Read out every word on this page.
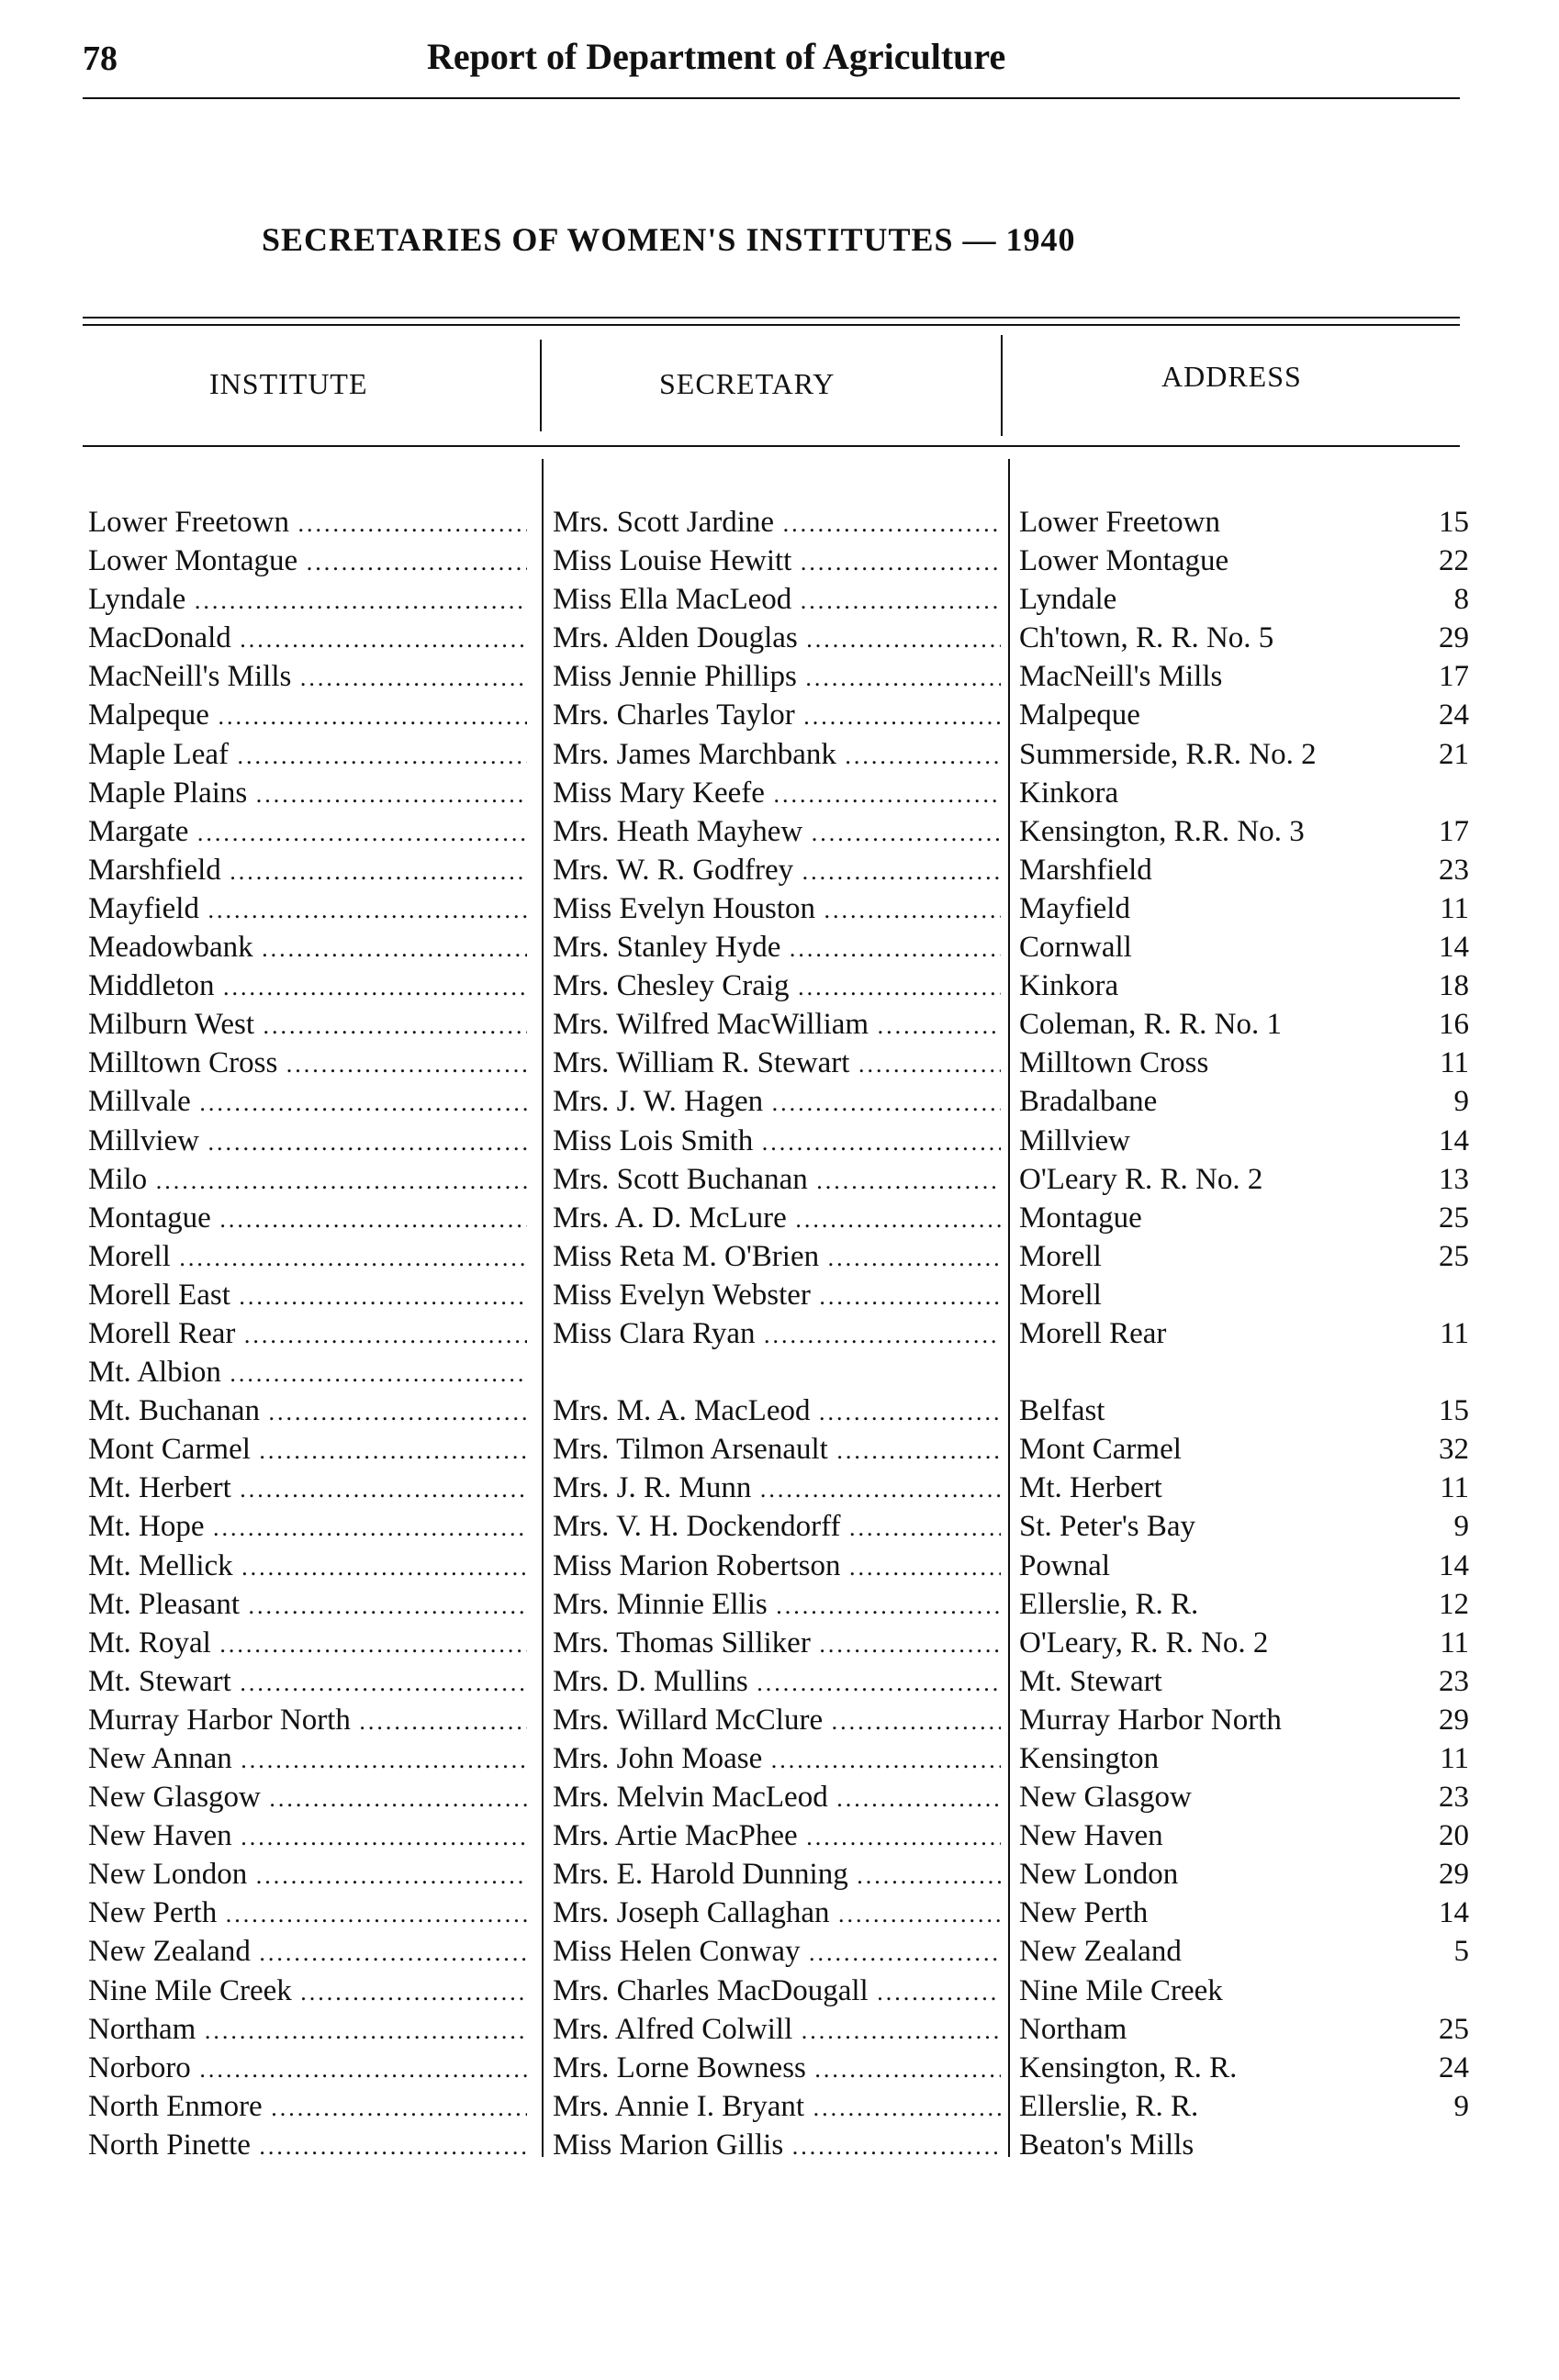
78	Report of Department of Agriculture
SECRETARIES OF WOMEN'S INSTITUTES — 1940
INSTITUTE	SECRETARY	ADDRESS
Lower Freetown .....	Mrs. Scott Jardine .....	Lower Freetown	15
Lower Montague .....	Miss Louise Hewitt .....	Lower Montague	22
Lyndale .....	Miss Ella MacLeod .....	Lyndale	8
MacDonald .....	Mrs. Alden Douglas .....	Ch'town, R. R. No. 5	29
MacNeill's Mills .....	Miss Jennie Phillips .....	MacNeill's Mills	17
Malpeque .....	Mrs. Charles Taylor .....	Malpeque	24
Maple Leaf .....	Mrs. James Marchbank .....	Summerside, R.R. No. 2	21
Maple Plains .....	Miss Mary Keefe .....	Kinkora
Margate .....	Mrs. Heath Mayhew .....	Kensington, R.R. No. 3	17
Marshfield .....	Mrs. W. R. Godfrey .....	Marshfield	23
Mayfield .....	Miss Evelyn Houston .....	Mayfield	11
Meadowbank .....	Mrs. Stanley Hyde .....	Cornwall	14
Middleton .....	Mrs. Chesley Craig .....	Kinkora	18
Milburn West .....	Mrs. Wilfred MacWilliam .....	Coleman, R. R. No. 1	16
Milltown Cross .....	Mrs. William R. Stewart .....	Milltown Cross	11
Millvale .....	Mrs. J. W. Hagen .....	Bradalbane	9
Millview .....	Miss Lois Smith .....	Millview	14
Milo .....	Mrs. Scott Buchanan .....	O'Leary R. R. No. 2	13
Montague .....	Mrs. A. D. McLure .....	Montague	25
Morell .....	Miss Reta M. O'Brien .....	Morell	25
Morell East .....	Miss Evelyn Webster .....	Morell
Morell Rear .....	Miss Clara Ryan .....	Morell Rear	11
Mt. Albion .....
Mt. Buchanan .....	Mrs. M. A. MacLeod .....	Belfast	15
Mont Carmel .....	Mrs. Tilmon Arsenault .....	Mont Carmel	32
Mt. Herbert .....	Mrs. J. R. Munn .....	Mt. Herbert	11
Mt. Hope .....	Mrs. V. H. Dockendorff .....	St. Peter's Bay	9
Mt. Mellick .....	Miss Marion Robertson .....	Pownal	14
Mt. Pleasant .....	Mrs. Minnie Ellis .....	Ellerslie, R. R.	12
Mt. Royal .....	Mrs. Thomas Silliker .....	O'Leary, R. R. No. 2	11
Mt. Stewart .....	Mrs. D. Mullins .....	Mt. Stewart	23
Murray Harbor North .....	Mrs. Willard McClure .....	Murray Harbor North	29
New Annan .....	Mrs. John Moase .....	Kensington	11
New Glasgow .....	Mrs. Melvin MacLeod .....	New Glasgow	23
New Haven .....	Mrs. Artie MacPhee .....	New Haven	20
New London .....	Mrs. E. Harold Dunning .....	New London	29
New Perth .....	Mrs. Joseph Callaghan .....	New Perth	14
New Zealand .....	Miss Helen Conway .....	New Zealand	5
Nine Mile Creek .....	Mrs. Charles MacDougall .....	Nine Mile Creek
Northam .....	Mrs. Alfred Colwill .....	Northam	25
Norboro .....	Mrs. Lorne Bowness .....	Kensington, R. R.	24
North Enmore .....	Mrs. Annie I. Bryant .....	Ellerslie, R. R.	9
North Pinette .....	Miss Marion Gillis .....	Beaton's Mills
